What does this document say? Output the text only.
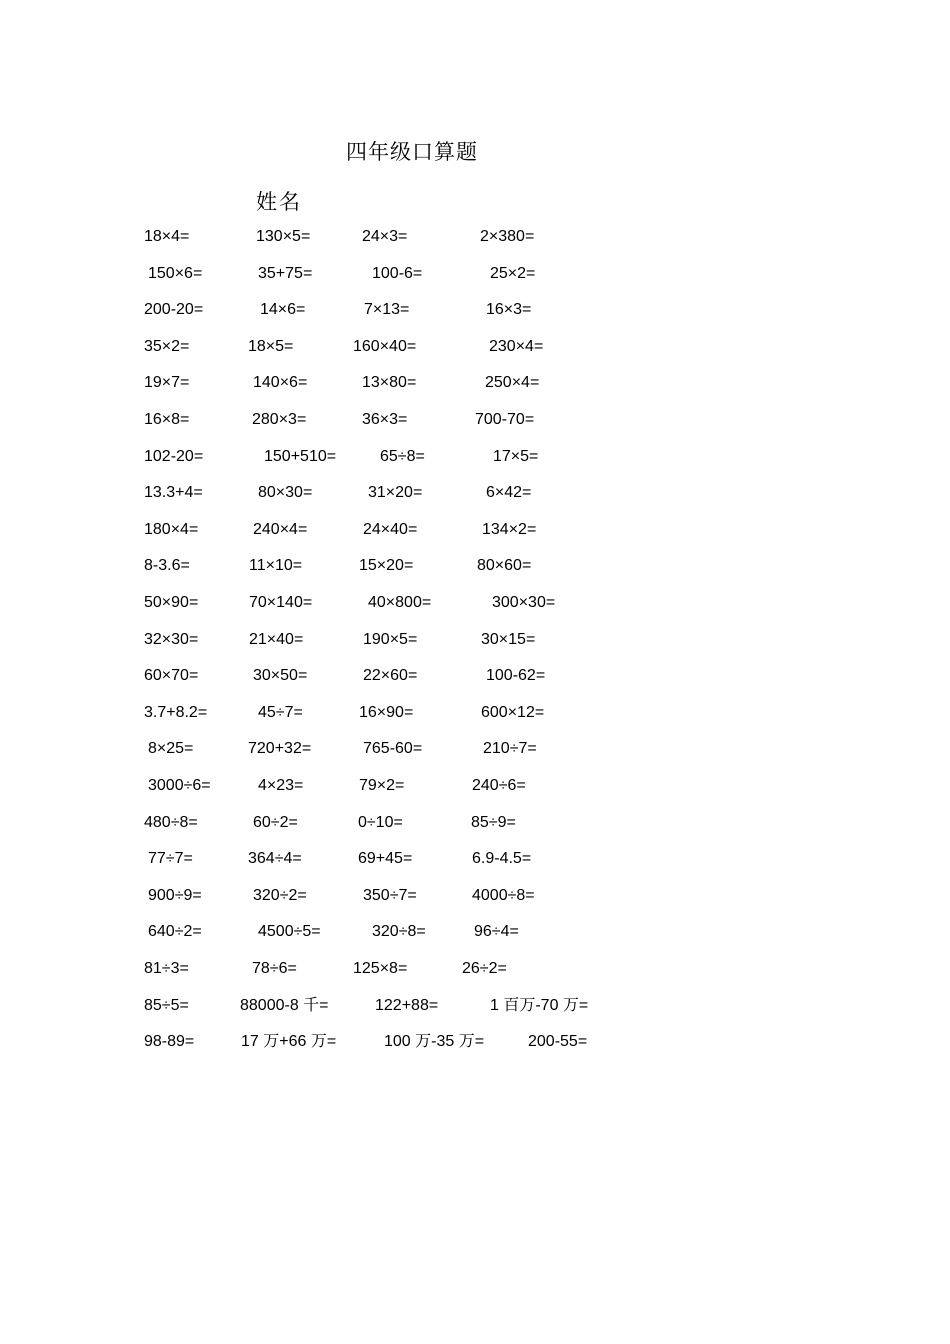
四年级口算题
姓名
18×4=	130×5=	24×3=	2×380=
150×6=	35+75=	100-6=	25×2=
200-20=	14×6=	7×13=	16×3=
35×2=	18×5=	160×40=	230×4=
19×7=	140×6=	13×80=	250×4=
16×8=	280×3=	36×3=	700-70=
102-20=	150+510=	65÷8=	17×5=
13.3+4=	80×30=	31×20=	6×42=
180×4=	240×4=	24×40=	134×2=
8-3.6=	11×10=	15×20=	80×60=
50×90=	70×140=	40×800=	300×30=
32×30=	21×40=	190×5=	30×15=
60×70=	30×50=	22×60=	100-62=
3.7+8.2=	45÷7=	16×90=	600×12=
8×25=	720+32=	765-60=	210÷7=
3000÷6=	4×23=	79×2=	240÷6=
480÷8=	60÷2=	0÷10=	85÷9=
77÷7=	364÷4=	69+45=	6.9-4.5=
900÷9=	320÷2=	350÷7=	4000÷8=
640÷2=	4500÷5=	320÷8=	96÷4=
81÷3=	78÷6=	125×8=	26÷2=
85÷5=	88000-8 千=	122+88=	1 百万-70 万=
98-89=	17 万+66 万=	100 万-35 万=	200-55=
